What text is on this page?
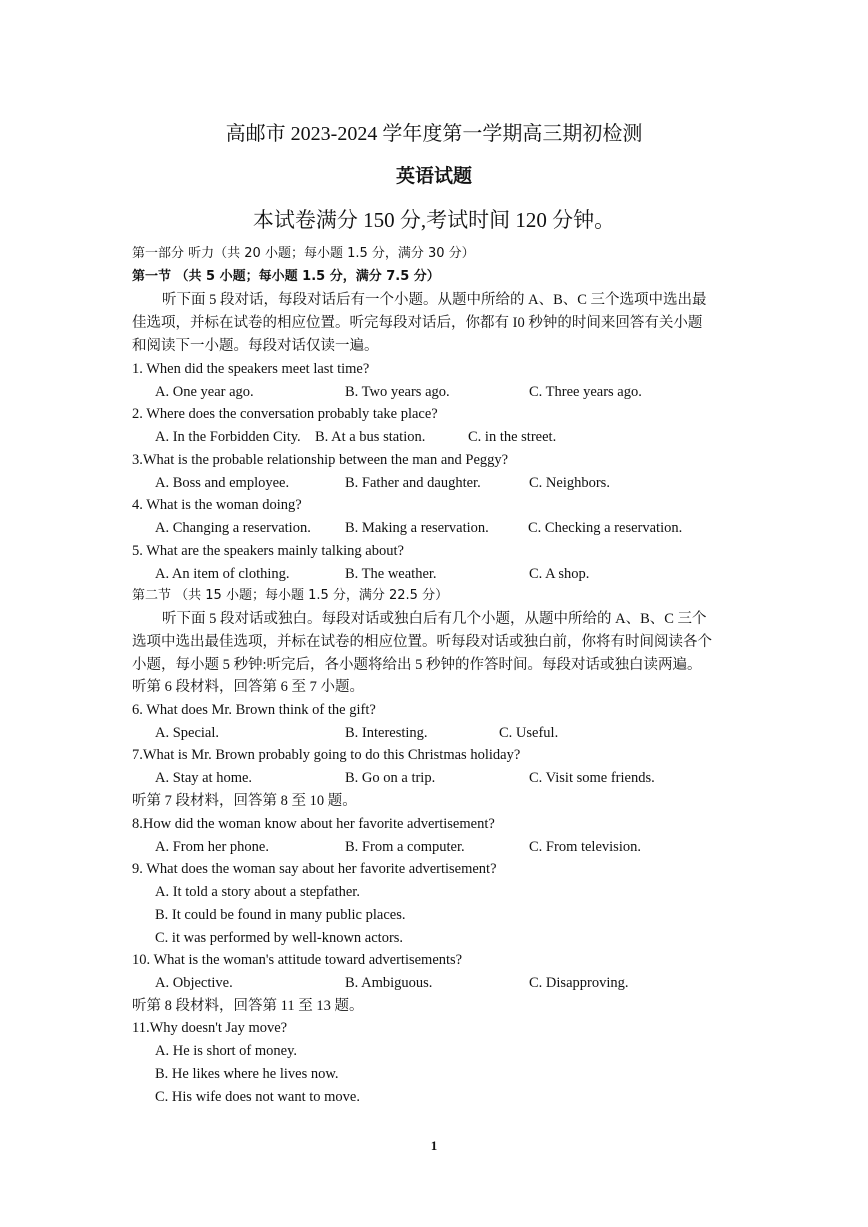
高邮市 2023-2024 学年度第一学期高三期初检测
英语试题
本试卷满分 150 分,考试时间 120 分钟。
第一部分 听力（共 20 小题；每小题 1.5 分，满分 30 分）
第一节 （共 5 小题；每小题 1.5 分，满分 7.5 分）
听下面 5 段对话，每段对话后有一个小题。从题中所给的 A、B、C 三个选项中选出最
佳选项，并标在试卷的相应位置。听完每段对话后，你都有 I0 秒钟的时间来回答有关小题
和阅读下一小题。每段对话仅读一遍。
1. When did the speakers meet last time?
A. One year ago.	B. Two years ago.	C. Three years ago.
2. Where does the conversation probably take place?
A. In the Forbidden City. B. At a bus station.	C. in the street.
3.What is the probable relationship between the man and Peggy?
A. Boss and employee.	B. Father and daughter.	C. Neighbors.
4. What is the woman doing?
A. Changing a reservation. B. Making a reservation.	C. Checking a reservation.
5. What are the speakers mainly talking about?
A. An item of clothing.	B. The weather.	C. A shop.
第二节 （共 15 小题；每小题 1.5 分，满分 22.5 分）
听下面 5 段对话或独白。每段对话或独白后有几个小题，从题中所给的 A、B、C 三个
选项中选出最佳选项，并标在试卷的相应位置。听每段对话或独白前，你将有时间阅读各个
小题，每小题 5 秒钟:听完后，各小题将给出 5 秒钟的作答时间。每段对话或独白读两遍。
听第 6 段材料，回答第 6 至 7 小题。
6. What does Mr. Brown think of the gift?
A. Special.	B. Interesting.	C. Useful.
7.What is Mr. Brown probably going to do this Christmas holiday?
A. Stay at home.	B. Go on a trip.	C. Visit some friends.
听第 7 段材料，回答第 8 至 10 题。
8.How did the woman know about her favorite advertisement?
A. From her phone.	B. From a computer.	C. From television.
9. What does the woman say about her favorite advertisement?
A. It told a story about a stepfather.
B. It could be found in many public places.
C. it was performed by well-known actors.
10. What is the woman's attitude toward advertisements?
A. Objective.	B. Ambiguous.	C. Disapproving.
听第 8 段材料，回答第 11 至 13 题。
11.Why doesn't Jay move?
A. He is short of money.
B. He likes where he lives now.
C. His wife does not want to move.
1
